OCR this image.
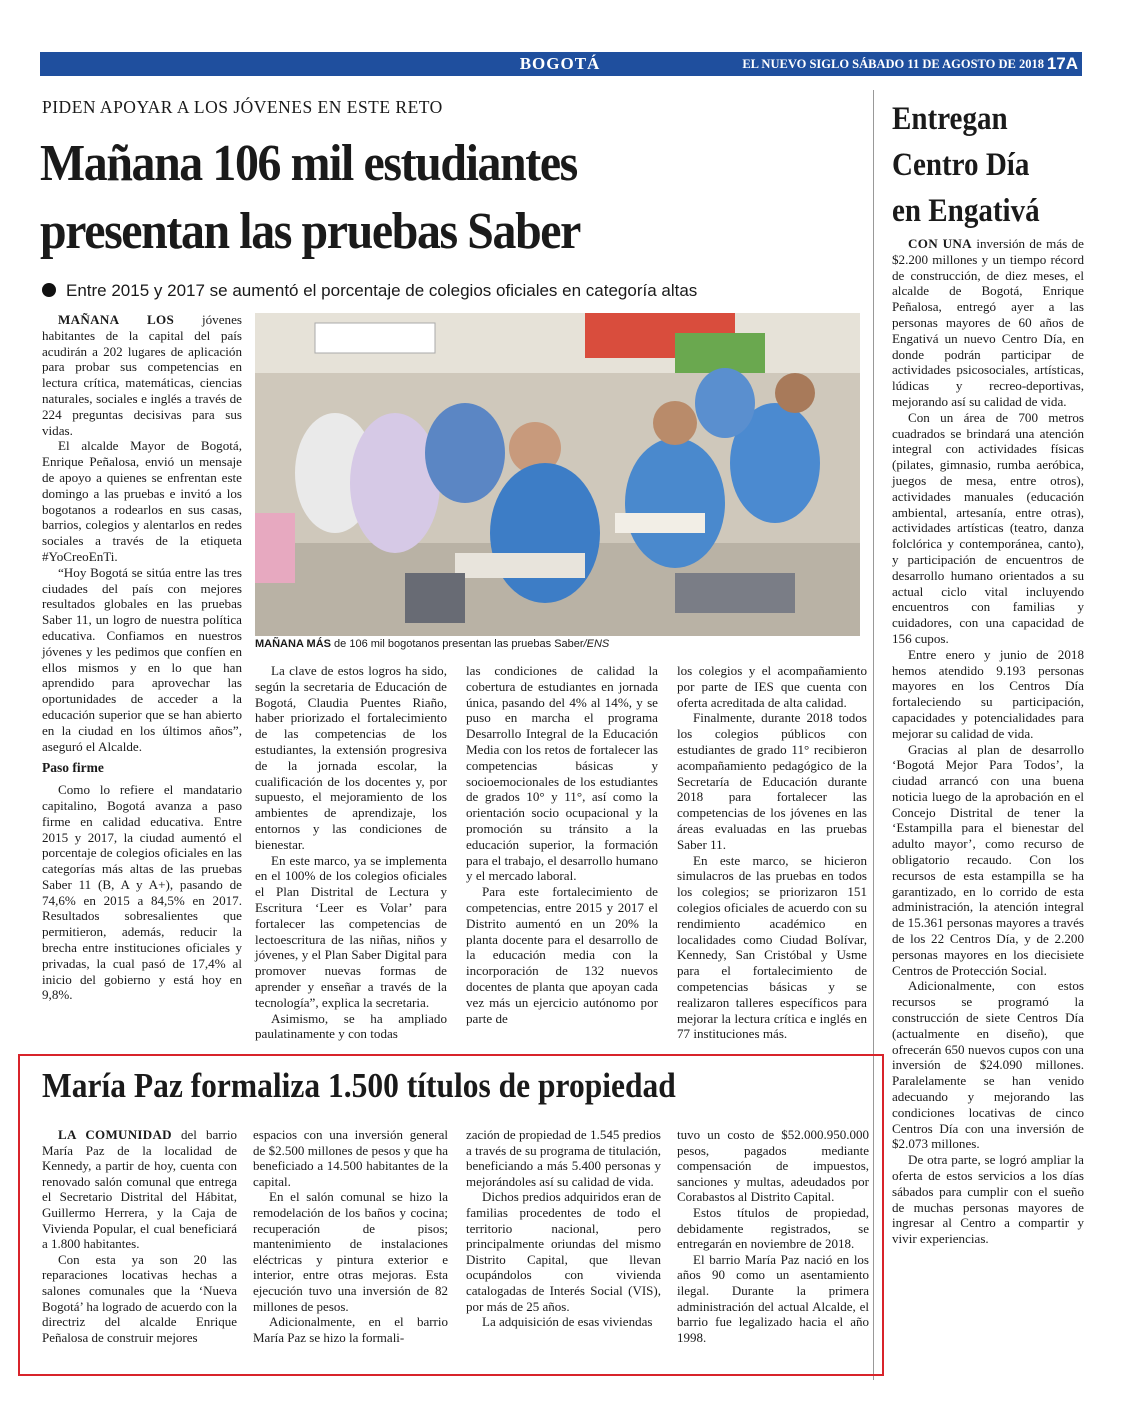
BOGOTÁ	EL NUEVO SIGLO SÁBADO 11 DE AGOSTO DE 2018 17A
PIDEN APOYAR A LOS JÓVENES EN ESTE RETO
Mañana 106 mil estudiantes
presentan las pruebas Saber
Entre 2015 y 2017 se aumentó el porcentaje de colegios oficiales en categoría altas

MAÑANA LOS jóvenes habitantes de la capital del país acudirán a 202 lugares de aplicación para probar sus competencias en lectura crítica, matemáticas, ciencias naturales, sociales e inglés a través de 224 preguntas decisivas para sus vidas.

El alcalde Mayor de Bogotá, Enrique Peñalosa, envió un mensaje de apoyo a quienes se enfrentan este domingo a las pruebas e invitó a los bogotanos a rodearlos en sus casas, barrios, colegios y alentarlos en redes sociales a través de la etiqueta #YoCreoEnTi.

“Hoy Bogotá se sitúa entre las tres ciudades del país con mejores resultados globales en las pruebas Saber 11, un logro de nuestra política educativa. Confiamos en nuestros jóvenes y les pedimos que confíen en ellos mismos y en lo que han aprendido para aprovechar las oportunidades de acceder a la educación superior que se han abierto en la ciudad en los últimos años”, aseguró el Alcalde.

Paso firme

Como lo refiere el mandatario capitalino, Bogotá avanza a paso firme en calidad educativa. Entre 2015 y 2017, la ciudad aumentó el porcentaje de colegios oficiales en las categorías más altas de las pruebas Saber 11 (B, A y A+), pasando de 74,6% en 2015 a 84,5% en 2017. Resultados sobresalientes que permitieron, además, reducir la brecha entre instituciones oficiales y privadas, la cual pasó de 17,4% al inicio del gobierno y está hoy en 9,8%.

MAÑANA MÁS de 106 mil bogotanos presentan las pruebas Saber/ENS

La clave de estos logros ha sido, según la secretaria de Educación de Bogotá, Claudia Puentes Riaño, haber priorizado el fortalecimiento de las competencias de los estudiantes, la extensión progresiva de la jornada escolar, la cualificación de los docentes y, por supuesto, el mejoramiento de los ambientes de aprendizaje, los entornos y las condiciones de bienestar.

En este marco, ya se implementa en el 100% de los colegios oficiales el Plan Distrital de Lectura y Escritura ‘Leer es Volar’ para fortalecer las competencias de lectoescritura de las niñas, niños y jóvenes, y el Plan Saber Digital para promover nuevas formas de aprender y enseñar a través de la tecnología”, explica la secretaria.

Asimismo, se ha ampliado paulatinamente y con todas

las condiciones de calidad la cobertura de estudiantes en jornada única, pasando del 4% al 14%, y se puso en marcha el programa Desarrollo Integral de la Educación Media con los retos de fortalecer las competencias básicas y socioemocionales de los estudiantes de grados 10° y 11°, así como la orientación socio ocupacional y la promoción su tránsito a la educación superior, la formación para el trabajo, el desarrollo humano y el mercado laboral.

Para este fortalecimiento de competencias, entre 2015 y 2017 el Distrito aumentó en un 20% la planta docente para el desarrollo de la educación media con la incorporación de 132 nuevos docentes de planta que apoyan cada vez más un ejercicio autónomo por parte de

los colegios y el acompañamiento por parte de IES que cuenta con oferta acreditada de alta calidad.

Finalmente, durante 2018 todos los colegios públicos con estudiantes de grado 11° recibieron acompañamiento pedagógico de la Secretaría de Educación durante 2018 para fortalecer las competencias de los jóvenes en las áreas evaluadas en las pruebas Saber 11.

En este marco, se hicieron simulacros de las pruebas en todos los colegios; se priorizaron 151 colegios oficiales de acuerdo con su rendimiento académico en localidades como Ciudad Bolívar, Kennedy, San Cristóbal y Usme para el fortalecimiento de competencias básicas y se realizaron talleres específicos para mejorar la lectura crítica e inglés en 77 instituciones más.

Entregan
Centro Día
en Engativá

CON UNA inversión de más de $2.200 millones y un tiempo récord de construcción, de diez meses, el alcalde de Bogotá, Enrique Peñalosa, entregó ayer a las personas mayores de 60 años de Engativá un nuevo Centro Día, en donde podrán participar de actividades psicosociales, artísticas, lúdicas y recreo-deportivas, mejorando así su calidad de vida.

Con un área de 700 metros cuadrados se brindará una atención integral con actividades físicas (pilates, gimnasio, rumba aeróbica, juegos de mesa, entre otros), actividades manuales (educación ambiental, artesanía, entre otras), actividades artísticas (teatro, danza folclórica y contemporánea, canto), y participación de encuentros de desarrollo humano orientados a su actual ciclo vital incluyendo encuentros con familias y cuidadores, con una capacidad de 156 cupos.

Entre enero y junio de 2018 hemos atendido 9.193 personas mayores en los Centros Día fortaleciendo su participación, capacidades y potencialidades para mejorar su calidad de vida.

Gracias al plan de desarrollo ‘Bogotá Mejor Para Todos’, la ciudad arrancó con una buena noticia luego de la aprobación en el Concejo Distrital de tener la ‘Estampilla para el bienestar del adulto mayor’, como recurso de obligatorio recaudo. Con los recursos de esta estampilla se ha garantizado, en lo corrido de esta administración, la atención integral de 15.361 personas mayores a través de los 22 Centros Día, y de 2.200 personas mayores en los diecisiete Centros de Protección Social.

Adicionalmente, con estos recursos se programó la construcción de siete Centros Día (actualmente en diseño), que ofrecerán 650 nuevos cupos con una inversión de $24.090 millones. Paralelamente se han venido adecuando y mejorando las condiciones locativas de cinco Centros Día con una inversión de $2.073 millones.

De otra parte, se logró ampliar la oferta de estos servicios a los días sábados para cumplir con el sueño de muchas personas mayores de ingresar al Centro a compartir y vivir experiencias.

María Paz formaliza 1.500 títulos de propiedad

LA COMUNIDAD del barrio María Paz de la localidad de Kennedy, a partir de hoy, cuenta con renovado salón comunal que entrega el Secretario Distrital del Hábitat, Guillermo Herrera, y la Caja de Vivienda Popular, el cual beneficiará a 1.800 habitantes.

Con esta ya son 20 las reparaciones locativas hechas a salones comunales que la ‘Nueva Bogotá’ ha logrado de acuerdo con la directriz del alcalde Enrique Peñalosa de construir mejores

espacios con una inversión general de $2.500 millones de pesos y que ha beneficiado a 14.500 habitantes de la capital.

En el salón comunal se hizo la remodelación de los baños y cocina; recuperación de pisos; mantenimiento de instalaciones eléctricas y pintura exterior e interior, entre otras mejoras. Esta ejecución tuvo una inversión de 82 millones de pesos.

Adicionalmente, en el barrio María Paz se hizo la formali-

zación de propiedad de 1.545 predios a través de su programa de titulación, beneficiando a más 5.400 personas y mejorándoles así su calidad de vida.

Dichos predios adquiridos eran de familias procedentes de todo el territorio nacional, pero principalmente oriundas del mismo Distrito Capital, que llevan ocupándolos con vivienda catalogadas de Interés Social (VIS), por más de 25 años.

La adquisición de esas viviendas

tuvo un costo de $52.000.950.000 pesos, pagados mediante compensación de impuestos, sanciones y multas, adeudados por Corabastos al Distrito Capital.

Estos títulos de propiedad, debidamente registrados, se entregarán en noviembre de 2018.

El barrio María Paz nació en los años 90 como un asentamiento ilegal. Durante la primera administración del actual Alcalde, el barrio fue legalizado hacia el año 1998.
